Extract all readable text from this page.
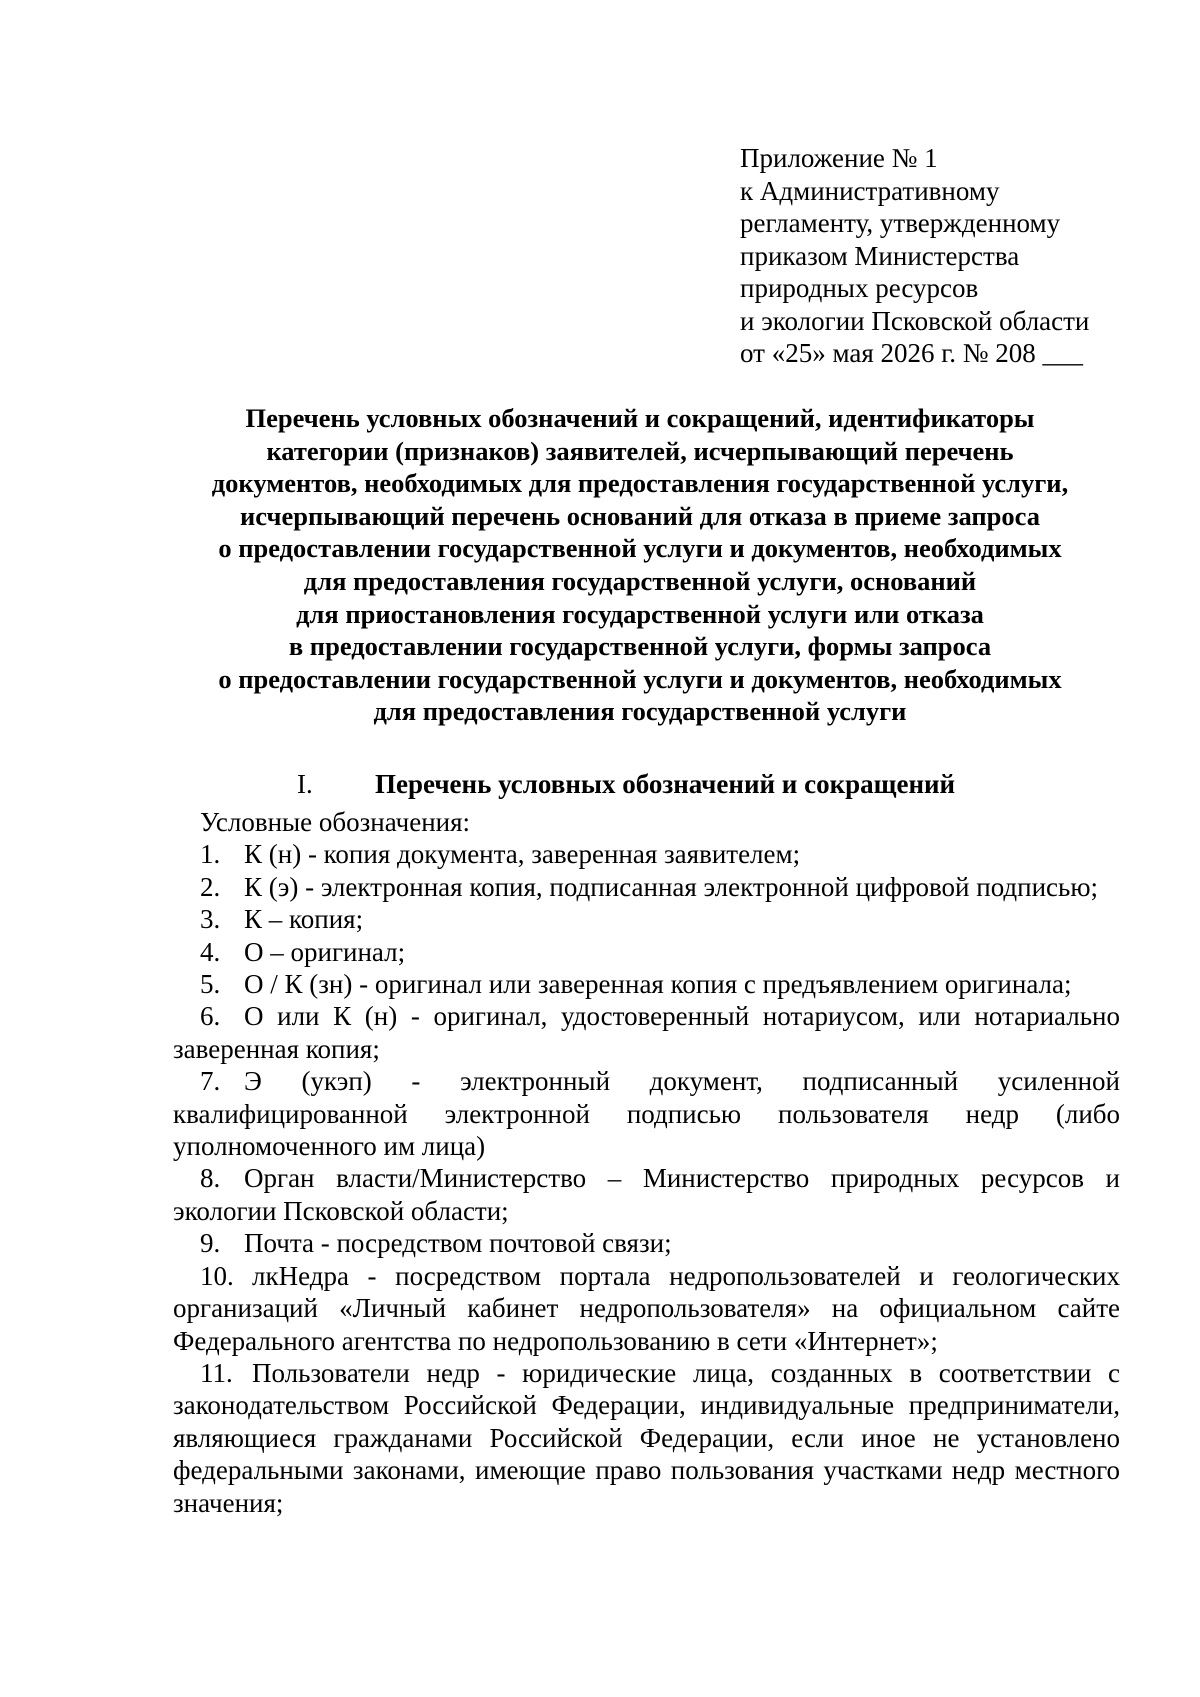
Приложение № 1
к Административному
регламенту, утвержденному
приказом Министерства
природных ресурсов
и экологии Псковской области
от «25» мая 2026 г. № 208 ___
Перечень условных обозначений и сокращений, идентификаторы
категории (признаков) заявителей, исчерпывающий перечень
документов, необходимых для предоставления государственной услуги,
исчерпывающий перечень оснований для отказа в приеме запроса
о предоставлении государственной услуги и документов, необходимых
для предоставления государственной услуги, оснований
для приостановления государственной услуги или отказа
в предоставлении государственной услуги, формы запроса
о предоставлении государственной услуги и документов, необходимых
для предоставления государственной услуги
I. Перечень условных обозначений и сокращений

Условные обозначения:

1. К (н) - копия документа, заверенная заявителем;

2. К (э) - электронная копия, подписанная электронной цифровой подписью;

3. К – копия;

4. О – оригинал;

5. О / К (зн) - оригинал или заверенная копия с предъявлением оригинала;

6. О или К (н) - оригинал, удостоверенный нотариусом, или нотариально заверенная копия;

7. Э (укэп) - электронный документ, подписанный усиленной квалифицированной электронной подписью пользователя недр (либо уполномоченного им лица)

8. Орган власти/Министерство – Министерство природных ресурсов и экологии Псковской области;

9. Почта - посредством почтовой связи;

10. лкНедра - посредством портала недропользователей и геологических организаций «Личный кабинет недропользователя» на официальном сайте Федерального агентства по недропользованию в сети «Интернет»;

11. Пользователи недр - юридические лица, созданных в соответствии с законодательством Российской Федерации, индивидуальные предприниматели, являющиеся гражданами Российской Федерации, если иное не установлено федеральными законами, имеющие право пользования участками недр местного значения;
